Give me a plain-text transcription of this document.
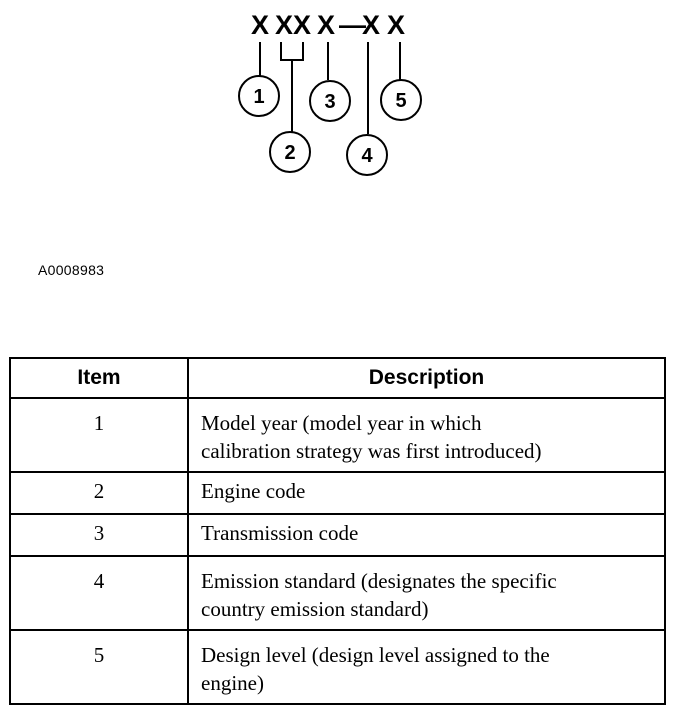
X XX X —
X X
1
2
3
4
5
A0008983
Item	Description
1	Model year (model year in which
calibration strategy was first introduced)

2	Engine code

3	Transmission code

4	Emission standard (designates the specific
country emission standard)

5	Design level (design level assigned to the
engine)
